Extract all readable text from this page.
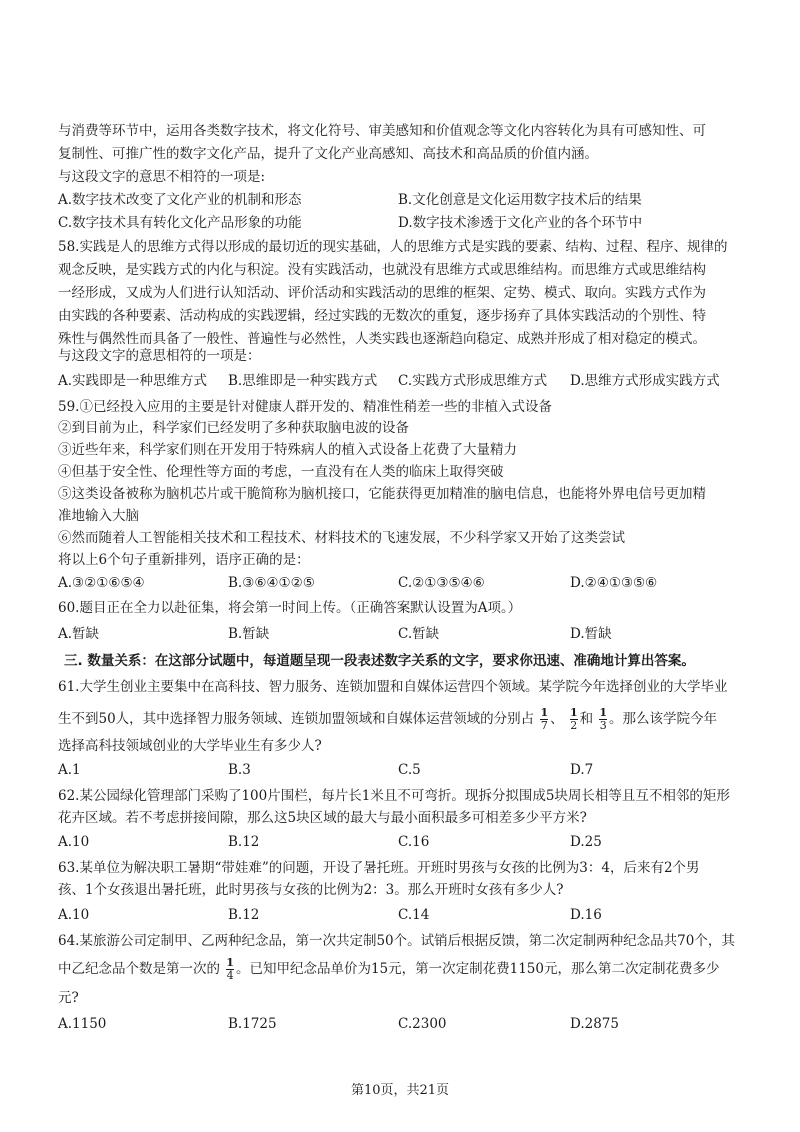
与消费等环节中，运用各类数字技术，将文化符号、审美感知和价值观念等文化内容转化为具有可感知性、可
复制性、可推广性的数字文化产品，提升了文化产业高感知、高技术和高品质的价值内涵。
与这段文字的意思不相符的一项是:
A.数字技术改变了文化产业的机制和形态	B.文化创意是文化运用数字技术后的结果
C.数字技术具有转化文化产品形象的功能	D.数字技术渗透于文化产业的各个环节中
58.实践是人的思维方式得以形成的最切近的现实基础，人的思维方式是实践的要素、结构、过程、程序、规律的
观念反映，是实践方式的内化与积淀。没有实践活动，也就没有思维方式或思维结构。而思维方式或思维结构
一经形成，又成为人们进行认知活动、评价活动和实践活动的思维的框架、定势、模式、取向。实践方式作为
由实践的各种要素、活动构成的实践逻辑，经过实践的无数次的重复，逐步扬弃了具体实践活动的个别性、特
殊性与偶然性而具备了一般性、普遍性与必然性，人类实践也逐渐趋向稳定、成熟并形成了相对稳定的模式。
与这段文字的意思相符的一项是：
A.实践即是一种思维方式 B.思维即是一种实践方式 C.实践方式形成思维方式 D.思维方式形成实践方式
59.①已经投入应用的主要是针对健康人群开发的、精准性稍差一些的非植入式设备
②到目前为止，科学家们已经发明了多种获取脑电波的设备
③近些年来，科学家们则在开发用于特殊病人的植入式设备上花费了大量精力
④但基于安全性、伦理性等方面的考虑，一直没有在人类的临床上取得突破
⑤这类设备被称为脑机芯片或干脆简称为脑机接口，它能获得更加精准的脑电信息，也能将外界电信号更加精
准地输入大脑
⑥然而随着人工智能相关技术和工程技术、材料技术的飞速发展，不少科学家又开始了这类尝试
将以上6个句子重新排列，语序正确的是：
A.③②①⑥⑤④	B.③⑥④①②⑤	C.②①③⑤④⑥	D.②④①③⑤⑥
60.题目正在全力以赴征集，将会第一时间上传。（正确答案默认设置为A项。）
A.暂缺	B.暂缺	C.暂缺	D.暂缺
三. 数量关系：在这部分试题中，每道题呈现一段表述数字关系的文字，要求你迅速、准确地计算出答案。
61.大学生创业主要集中在高科技、智力服务、连锁加盟和自媒体运营四个领域。某学院今年选择创业的大学毕业
生不到50人，其中选择智力服务领域、连锁加盟领域和自媒体运营领域的分别占 $\frac{1}{7}$ 、 $\frac{1}{2}$ 和 $\frac{1}{3}$ 。那么该学院今年
选择高科技领域创业的大学毕业生有多少人?
A.1	B.3	C.5	D.7
62.某公园绿化管理部门采购了100片围栏，每片长1米且不可弯折。现拆分拟围成5块周长相等且互不相邻的矩形
花卉区域。若不考虑拼接间隙，那么这5块区域的最大与最小面积最多可相差多少平方米?
A.10	B.12	C.16	D.25
63.某单位为解决职工暑期“带娃难”的问题，开设了暑托班。开班时男孩与女孩的比例为3：4，后来有2个男
孩、1个女孩退出暑托班，此时男孩与女孩的比例为2：3。那么开班时女孩有多少人?
A.10	B.12	C.14	D.16
64.某旅游公司定制甲、乙两种纪念品，第一次共定制50个。试销后根据反馈，第二次定制两种纪念品共70个，其
中乙纪念品个数是第一次的 $\frac{1}{4}$ 。已知甲纪念品单价为15元，第一次定制花费1150元，那么第二次定制花费多少
元?
A.1150	B.1725	C.2300	D.2875
第10页，共21页
